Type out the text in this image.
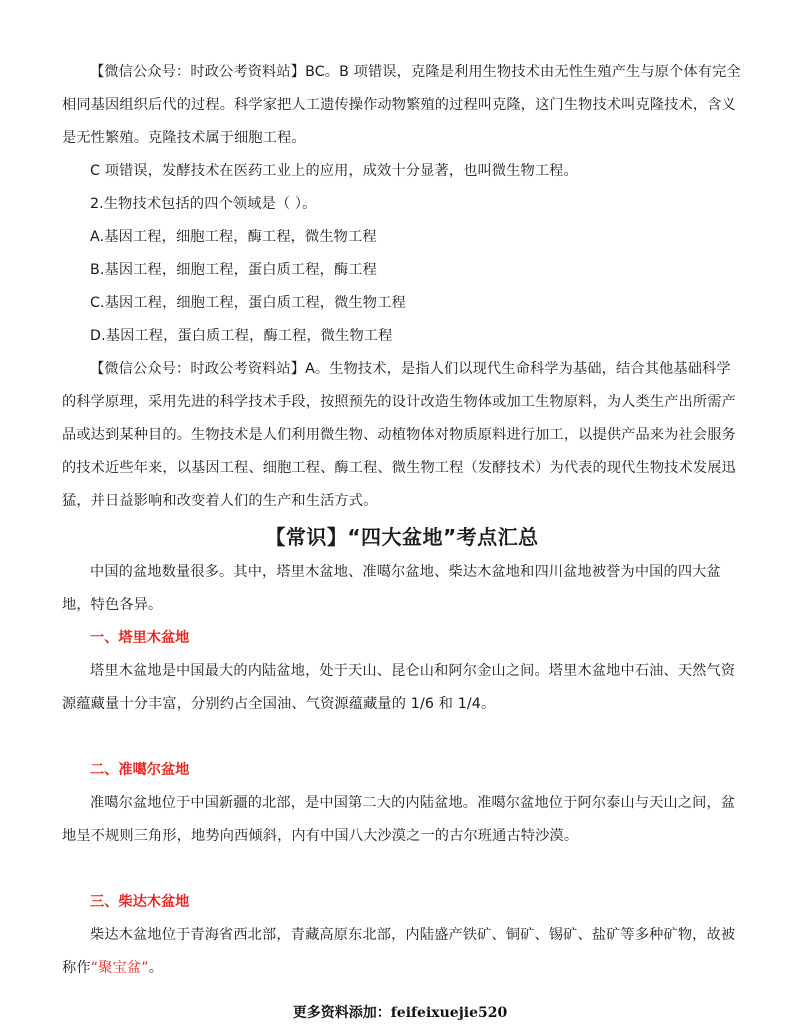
【微信公众号：时政公考资料站】BC。B 项错误，克隆是利用生物技术由无性生殖产生与原个体有完全相同基因组织后代的过程。科学家把人工遗传操作动物繁殖的过程叫克隆，这门生物技术叫克隆技术，含义是无性繁殖。克隆技术属于细胞工程。

C 项错误，发酵技术在医药工业上的应用，成效十分显著，也叫微生物工程。

2.生物技术包括的四个领域是（ ）。

A.基因工程，细胞工程，酶工程，微生物工程

B.基因工程，细胞工程，蛋白质工程，酶工程

C.基因工程，细胞工程，蛋白质工程，微生物工程

D.基因工程，蛋白质工程，酶工程，微生物工程

【微信公众号：时政公考资料站】A。生物技术，是指人们以现代生命科学为基础，结合其他基础科学的科学原理，采用先进的科学技术手段，按照预先的设计改造生物体或加工生物原料，为人类生产出所需产品或达到某种目的。生物技术是人们利用微生物、动植物体对物质原料进行加工，以提供产品来为社会服务的技术近些年来，以基因工程、细胞工程、酶工程、微生物工程（发酵技术）为代表的现代生物技术发展迅猛，并日益影响和改变着人们的生产和生活方式。

【常识】“四大盆地”考点汇总

中国的盆地数量很多。其中，塔里木盆地、准噶尔盆地、柴达木盆地和四川盆地被誉为中国的四大盆地，特色各异。

一、塔里木盆地

塔里木盆地是中国最大的内陆盆地，处于天山、昆仑山和阿尔金山之间。塔里木盆地中石油、天然气资源蕴藏量十分丰富，分别约占全国油、气资源蕴藏量的 1/6 和 1/4。

二、准噶尔盆地

准噶尔盆地位于中国新疆的北部，是中国第二大的内陆盆地。准噶尔盆地位于阿尔泰山与天山之间，盆地呈不规则三角形，地势向西倾斜，内有中国八大沙漠之一的古尔班通古特沙漠。

三、柴达木盆地

柴达木盆地位于青海省西北部，青藏高原东北部，内陆盛产铁矿、铜矿、锡矿、盐矿等多种矿物，故被称作“聚宝盆”。

更多资料添加：feifeixuejie520
